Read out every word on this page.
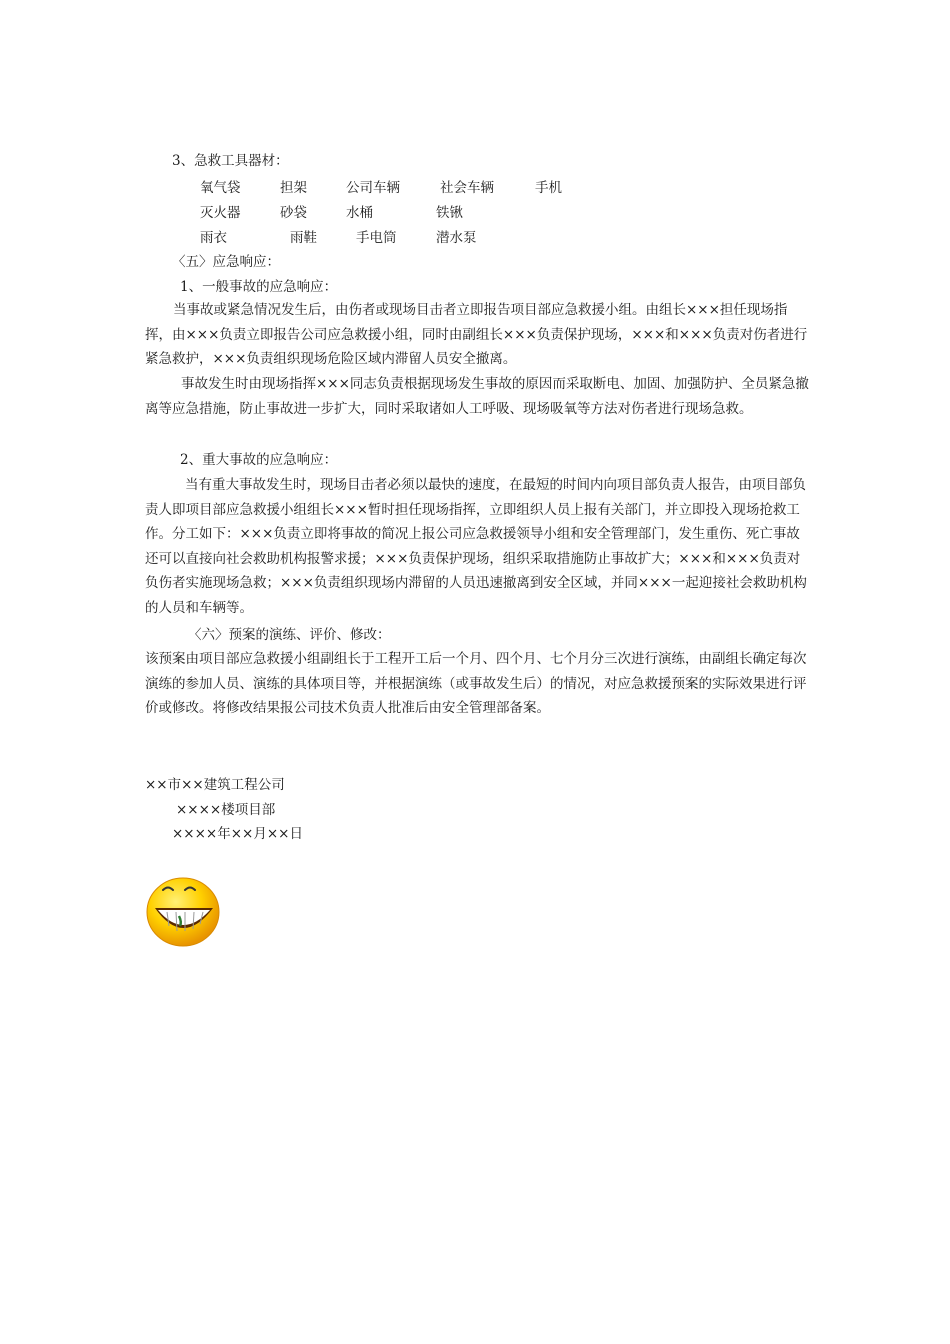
3、急救工具器材：
氧气袋	担架	公司车辆	社会车辆	手机
灭火器	砂袋	水桶	铁锹
雨衣	雨鞋	手电筒	潜水泵
〈五〉应急响应：
1、一般事故的应急响应：
当事故或紧急情况发生后，由伤者或现场目击者立即报告项目部应急救援小组。由组长×××担任现场指挥，由×××负责立即报告公司应急救援小组，同时由副组长×××负责保护现场，×××和×××负责对伤者进行紧急救护，×××负责组织现场危险区域内滞留人员安全撤离。
事故发生时由现场指挥×××同志负责根据现场发生事故的原因而采取断电、加固、加强防护、全员紧急撤离等应急措施，防止事故进一步扩大，同时采取诸如人工呼吸、现场吸氧等方法对伤者进行现场急救。
2、重大事故的应急响应：
当有重大事故发生时，现场目击者必须以最快的速度，在最短的时间内向项目部负责人报告，由项目部负责人即项目部应急救援小组组长×××暂时担任现场指挥，立即组织人员上报有关部门，并立即投入现场抢救工作。分工如下：×××负责立即将事故的简况上报公司应急救援领导小组和安全管理部门，发生重伤、死亡事故还可以直接向社会救助机构报警求援；×××负责保护现场，组织采取措施防止事故扩大；×××和×××负责对负伤者实施现场急救；×××负责组织现场内滞留的人员迅速撤离到安全区域，并同×××一起迎接社会救助机构的人员和车辆等。
〈六〉预案的演练、评价、修改：
该预案由项目部应急救援小组副组长于工程开工后一个月、四个月、七个月分三次进行演练，由副组长确定每次演练的参加人员、演练的具体项目等，并根据演练（或事故发生后）的情况，对应急救援预案的实际效果进行评价或修改。将修改结果报公司技术负责人批准后由安全管理部备案。
××市××建筑工程公司
××××楼项目部
××××年××月××日
